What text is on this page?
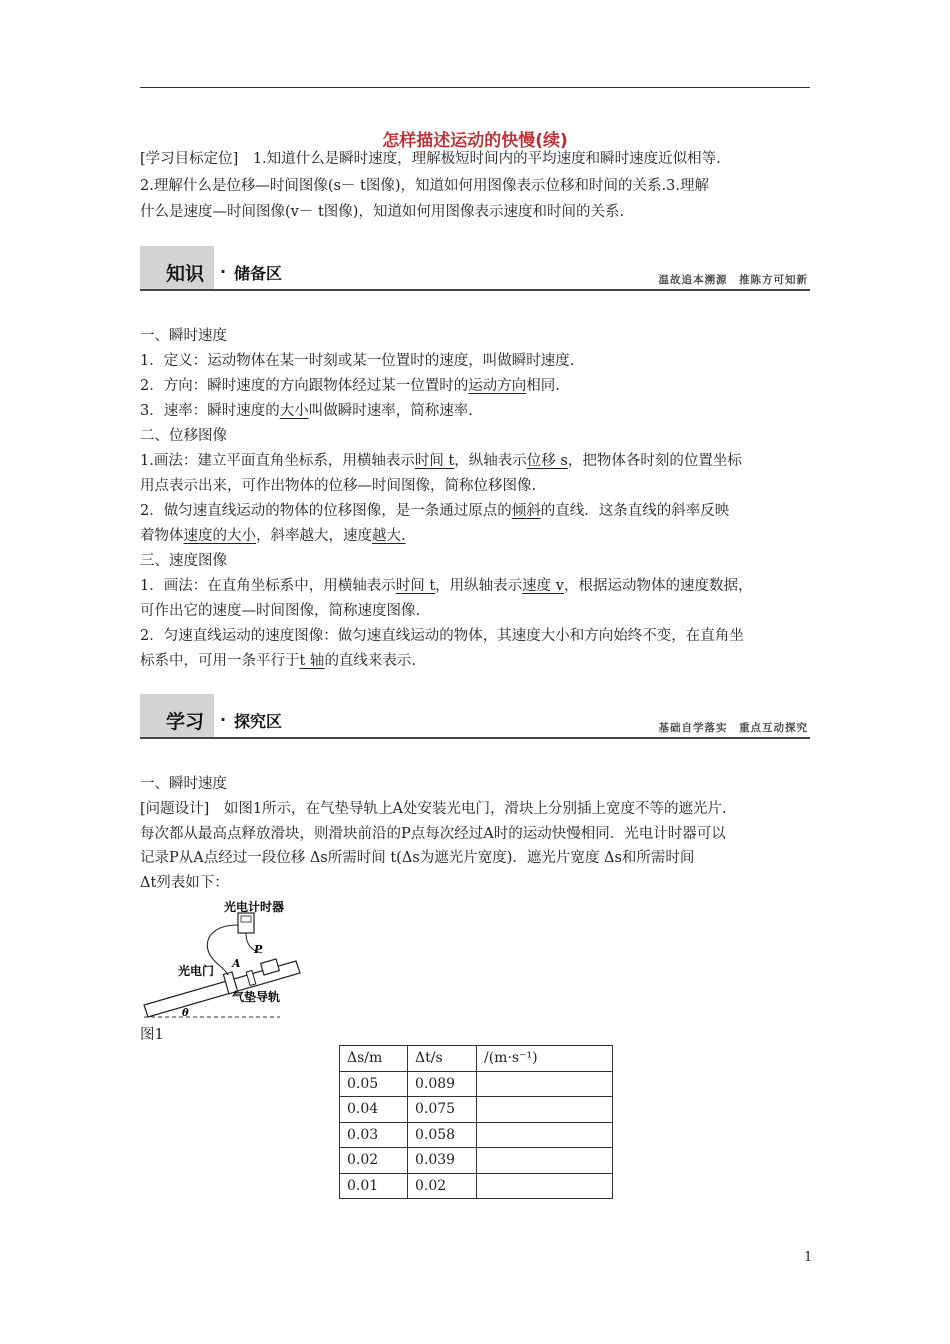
怎样描述运动的快慢(续)

[学习目标定位]　1.知道什么是瞬时速度，理解极短时间内的平均速度和瞬时速度近似相等.

2.理解什么是位移—时间图像(s－ t图像)，知道如何用图像表示位移和时间的关系.3.理解

什么是速度—时间图像(v－ t图像)，知道如何用图像表示速度和时间的关系.

知识 · 储备区	温故追本溯源　推陈方可知新

一、瞬时速度

1．定义：运动物体在某一时刻或某一位置时的速度，叫做瞬时速度.

2．方向：瞬时速度的方向跟物体经过某一位置时的运动方向相同.

3．速率：瞬时速度的大小叫做瞬时速率，简称速率.

二、位移图像

1.画法：建立平面直角坐标系，用横轴表示时间 t，纵轴表示位移 s，把物体各时刻的位置坐标

用点表示出来，可作出物体的位移—时间图像，简称位移图像.

2．做匀速直线运动的物体的位移图像，是一条通过原点的倾斜的直线．这条直线的斜率反映

着物体速度的大小，斜率越大，速度越大.

三、速度图像

1．画法：在直角坐标系中，用横轴表示时间 t，用纵轴表示速度 v，根据运动物体的速度数据，

可作出它的速度—时间图像，简称速度图像.

2．匀速直线运动的速度图像：做匀速直线运动的物体，其速度大小和方向始终不变，在直角坐

标系中，可用一条平行于t 轴的直线来表示.

学习 · 探究区	基础自学落实　重点互动探究

一、瞬时速度

[问题设计]　如图1所示，在气垫导轨上A处安装光电门，滑块上分别插上宽度不等的遮光片.

每次都从最高点释放滑块，则滑块前沿的P点每次经过A时的运动快慢相同．光电计时器可以

记录P从A点经过一段位移 Δs所需时间 t(Δs为遮光片宽度)．遮光片宽度 Δs和所需时间

Δt列表如下：

光电计时器
P
A
光电门
气垫导轨
θ
图1
Δs/m	Δt/s	/(m·s⁻¹)
0.05	0.089	
0.04	0.075	
0.03	0.058	
0.02	0.039	
0.01	0.02	
1
